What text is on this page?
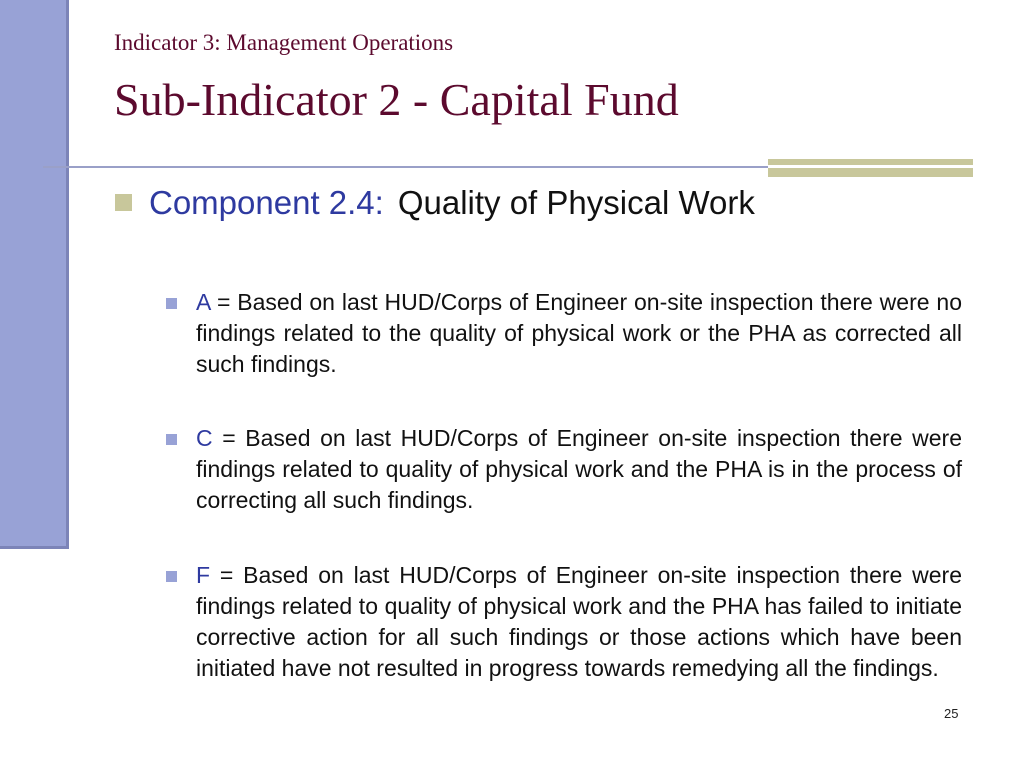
Indicator 3: Management Operations
Sub-Indicator 2 - Capital Fund
Component 2.4: Quality of Physical Work
A = Based on last HUD/Corps of Engineer on-site inspection there were no findings related to the quality of physical work or the PHA as corrected all such findings.
C = Based on last HUD/Corps of Engineer on-site inspection there were findings related to quality of physical work and the PHA is in the process of correcting all such findings.
F = Based on last HUD/Corps of Engineer on-site inspection there were findings related to quality of physical work and the PHA has failed to initiate corrective action for all such findings or those actions which have been initiated have not resulted in progress towards remedying all the findings.
25
